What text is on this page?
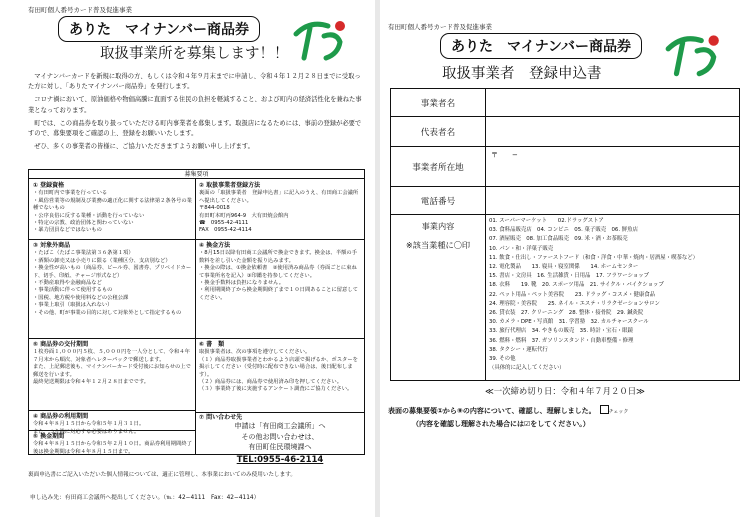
有田町個人番号カード普及促進事業
ありた　マイナンバー商品券
取扱事業所を募集します！！

マイナンバーカードを新規に取得の方、もしくは令和４年９月末までに申請し、令和４年１２月２８日までに受取った方に対し、「ありたマイナンバー商品券」を発行します。

コロナ禍において、原油価格や物価高騰に直面する住民の負担を軽減すること、および町内の経済活性化を兼ねた事業となっております。

町では、この商品券を取り扱っていただける町内事業者を募集します。取扱店になるためには、事前の登録が必要ですので、募集要項をご確認の上、登録をお願いいたします。

ぜひ、多くの事業者の皆様に、ご協力いただきますようお願い申し上げます。

募集要項
① 登録資格
・有田町内で事業を行っている
・風俗営業等の規制及び業務の適正化に関する法律第２条各号の業種でないもの
・公序良俗に反する業種・活動を行っていない
・特定の宗教、政治団体と関わっていない
・暴力団員などではないもの
② 取扱事業者登録方法
裏面の「取扱事業者　登録申込書」に記入のうえ、有田商工会議所へ提出してください。
〒844-0018
有田町本町丙964-9　大有田焼会館内
☎　0955-42-4111
FAX　0955-42-4114
③ 対象外商品
・たばこ（たばこ事業法第３６条第１項）
・酒類の卸売又は小売りに限る（業種区分、支店別など）
・換金性が高いもの（商品券、ビール券、図書券、プリペイドカード、切手、印紙、チャージ形式など）
・不動産取得や金融商品など
・事業活動に伴って使用するもの
・国税、地方税や使用料などの公租公課
・事業上取引（取扱は入れない）
・その他、町が事業の目的に対して対象外として指定するもの
④ 換金方法
・8月15日以降有田商工会議所で換金できます。換金は、半額の手数料を差し引いた金額を振り込みます。
・換金の際は、①換金依頼書　②使用済み商品券（券面ごとに束ねて事業所名を記入）③印鑑を持参してください。
・換金手数料は負担になりません。
・利用期間終了から換金期間終了まで１０日間あることに留意してください。
⑤ 商品券の交付期間
１枚券面１,０００円５枚、５,０００円を一人分として、令和４年７月末から順次、対象者へレターパックで郵送します。
また、上記郵送後も、マイナンバーカード受付後にお知らせの上で郵送を行います。
最終発送期限は令和４年１２月２８日までです。
⑥ 書　類
取扱事業者は、次の事項を遵守してください。
（１）商品券取扱事業者とわかるよう店頭で掲げるか、ポスターを掲示してください（受付時に配布できない場合は、後日配布します）。
（２）商品券には、商品券で使用済み印を押してください。
（３）事業終了後に実施するアンケート調査にご協力ください。
④ 商品券の利用期間
令和４年８月１５日から令和５年１月３１日。
また、つり銭に対応する必要はありません。
⑤ 換金期間
令和４年８月１５日から令和５年２月１０日。商品券利用期間終了後は換金期間は令和４年８月１５日まで。
⑦ 問い合わせ先
申請は「有田商工会議所」へ
その他お問い合わせは、
有田町住民環境課へ
TEL:0955-46-2114
裏面申込書にご記入いただいた個人情報については、適正に管理し、本事業においてのみ使用いたします。
申し込み先：有田商工会議所へ提出してください。（℡：42−4111　Fax：42−4114）
有田町個人番号カード普及促進事業
ありた　マイナンバー商品券
取扱事業者　登録申込書
事業者名
代表者名
事業者所在地
〒　　−
電話番号
事業内容
※該当業種に〇印
01. スーパーマーケット　　02.ドラッグストア
03. 食料品販売店　04. コンビニ　05. 菓子販売　06. 鮮魚店
07. 酒屋販売　08. 加工食品販売　09. 米・酒・お茶販売
10. パン・和・洋菓子販売
11. 飲食・仕出し・ファーストフード（和食・洋食・中華・焼肉・居酒屋・喫茶など）
12. 電化製品　　13. 寝具・寝室関係　　14. ホームセンター
15. 書店・文房具　16. 生活雑貨・日用品　17. フラワーショップ
18. 衣料　　19. 靴　20. スポーツ用品　21. サイクル・バイクショップ
22. ペット用品・ペット美容院　　23. ドラッグ・コスメ・健康食品
24. 理容院・美容院　　25. ネイル・エステ・リラクゼーションサロン
26. 貸衣装　27. クリーニング　28. 整体・接骨院　29. 鍼灸院
30. カメラ・DPE・写真館　31. 学習塾　32. カルチャースクール
33. 旅行代理店　34. やきもの販売　35. 時計・宝石・眼鏡
36. 燃料・燃料　37. ガソリンスタンド・自動車整備・修理
38. タクシー・運転代行
39. その他
（具体的に記入してください）
≪一次締め切り日：令和４年７月２０日≫
表面の募集要領①から⑨の内容について、確認し、理解しました。	チェック
（内容を確認し理解された場合には☑をしてください。）
